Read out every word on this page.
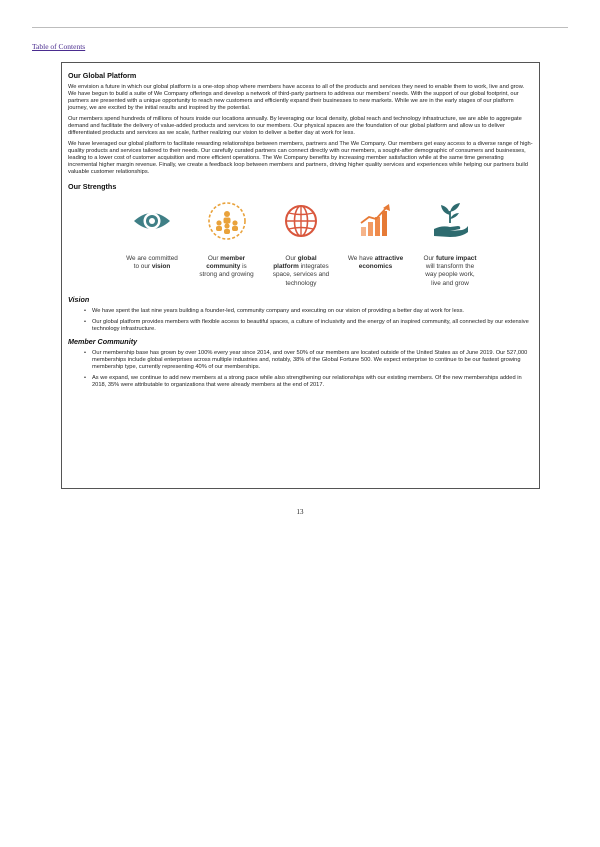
Table of Contents
Our Global Platform

We envision a future in which our global platform is a one-stop shop where members have access to all of the products and services they need to enable them to work, live and grow. We have begun to build a suite of We Company offerings and develop a network of third-party partners to address our members' needs. With the support of our global footprint, our partners are presented with a unique opportunity to reach new customers and efficiently expand their businesses to new markets. While we are in the early stages of our platform journey, we are excited by the initial results and inspired by the potential.

Our members spend hundreds of millions of hours inside our locations annually. By leveraging our local density, global reach and technology infrastructure, we are able to aggregate demand and facilitate the delivery of value-added products and services to our members. Our physical spaces are the foundation of our global platform and allow us to deliver differentiated products and services as we scale, further realizing our vision to deliver a better day at work for less.

We have leveraged our global platform to facilitate rewarding relationships between members, partners and The We Company. Our members get easy access to a diverse range of high-quality products and services tailored to their needs. Our carefully curated partners can connect directly with our members, a sought-after demographic of consumers and businesses, leading to a lower cost of customer acquisition and more efficient operations. The We Company benefits by increasing member satisfaction while at the same time generating incremental higher margin revenue. Finally, we create a feedback loop between members and partners, driving higher quality services and experiences while helping our partners build valuable customer relationships.

Our Strengths
We are committed
to our vision
Our member
community is
strong and growing
Our global
platform integrates
space, services and
technology
We have attractive
economics
Our future impact
will transform the
way people work,
live and grow
Vision
• We have spent the last nine years building a founder-led, community company and executing on our vision of providing a better day at work for less.
• Our global platform provides members with flexible access to beautiful spaces, a culture of inclusivity and the energy of an inspired community, all connected by our extensive technology infrastructure.
Member Community
• Our membership base has grown by over 100% every year since 2014, and over 50% of our members are located outside of the United States as of June 2019. Our 527,000 memberships include global enterprises across multiple industries and, notably, 38% of the Global Fortune 500. We expect enterprise to continue to be our fastest growing membership type, currently representing 40% of our memberships.
• As we expand, we continue to add new members at a strong pace while also strengthening our relationships with our existing members. Of the new memberships added in 2018, 35% were attributable to organizations that were already members at the end of 2017.
13
